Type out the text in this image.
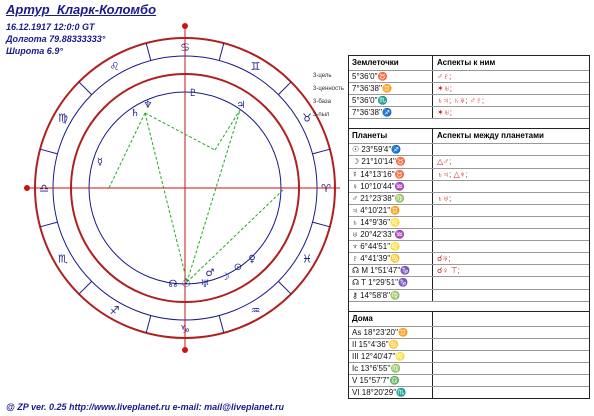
Артур_Кларк-Коломбо
16.12.1917 12:0:0 GT
Долгота 79.88333333°
Широта 6.9°
♈
♉
♊
♋
♌
♍
♎
♏
♐
♑
♒
♓
♄
♆
♇
♃
☿
☊ ☉ ♅
⊙
♀
♂ ☽
3-цель
3-ценность
3-база
3-пыл
Землеточки	Аспекты к ним
5°36'0''♉	♂♇;
7°36'38''♊	✶♅;
5°36'0''♏	♄♃; ♄♅; ♂♇;
7°36'38''♐	✶♅;
Планеты	Аспекты между планетами
☉ 23°59'4''♐
☽ 21°10'14''♉	△♂;
☿ 14°13'16''♉	♄♃; △♆;
♀ 10°10'44''♒
♂ 21°23'38''♍	♄♅;
♃ 4°10'21''♊
♄ 14°9'36''♌
♅ 20°42'33''♒
♆ 6°44'51''♌
♇ 4°41'39''♋	☌♅;
☊ M 1°51'47''♑	☌♀ ⊤;
☊ T 1°29'51''♑
⚷ 14°58'8''♍
Дома
As 18°23'20''♊
II 15°4'36''♋
III 12°40'47''♌
Ic 13°6'55''♍
V 15°57'7''♎
VI 18°20'29''♏
@ ZP ver. 0.25 http://www.liveplanet.ru e-mail: mail@liveplanet.ru
